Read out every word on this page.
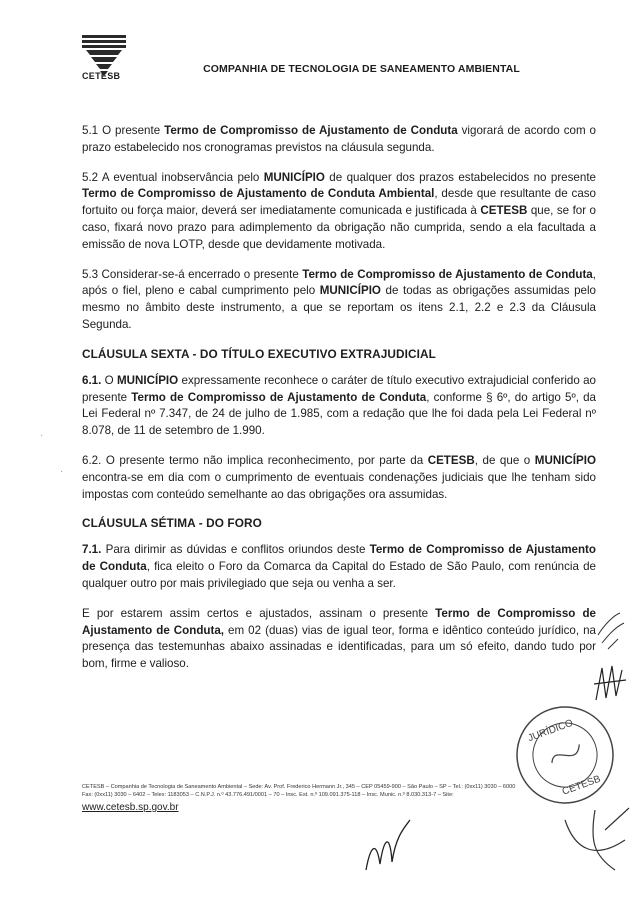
CETESB
COMPANHIA DE TECNOLOGIA DE SANEAMENTO AMBIENTAL

5.1 O presente Termo de Compromisso de Ajustamento de Conduta vigorará de acordo com o prazo estabelecido nos cronogramas previstos na cláusula segunda.

5.2 A eventual inobservância pelo MUNICÍPIO de qualquer dos prazos estabelecidos no presente Termo de Compromisso de Ajustamento de Conduta Ambiental, desde que resultante de caso fortuito ou força maior, deverá ser imediatamente comunicada e justificada à CETESB que, se for o caso, fixará novo prazo para adimplemento da obrigação não cumprida, sendo a ela facultada a emissão de nova LOTP, desde que devidamente motivada.

5.3 Considerar-se-á encerrado o presente Termo de Compromisso de Ajustamento de Conduta, após o fiel, pleno e cabal cumprimento pelo MUNICÍPIO de todas as obrigações assumidas pelo mesmo no âmbito deste instrumento, a que se reportam os itens 2.1, 2.2 e 2.3 da Cláusula Segunda.

CLÁUSULA SEXTA - DO TÍTULO EXECUTIVO EXTRAJUDICIAL

6.1. O MUNICÍPIO expressamente reconhece o caráter de título executivo extrajudicial conferido ao presente Termo de Compromisso de Ajustamento de Conduta, conforme § 6º, do artigo 5º, da Lei Federal nº 7.347, de 24 de julho de 1.985, com a redação que lhe foi dada pela Lei Federal nº 8.078, de 11 de setembro de 1.990.

6.2. O presente termo não implica reconhecimento, por parte da CETESB, de que o MUNICÍPIO encontra-se em dia com o cumprimento de eventuais condenações judiciais que lhe tenham sido impostas com conteúdo semelhante ao das obrigações ora assumidas.

CLÁUSULA SÉTIMA - DO FORO

7.1. Para dirimir as dúvidas e conflitos oriundos deste Termo de Compromisso de Ajustamento de Conduta, fica eleito o Foro da Comarca da Capital do Estado de São Paulo, com renúncia de qualquer outro por mais privilegiado que seja ou venha a ser.

E por estarem assim certos e ajustados, assinam o presente Termo de Compromisso de Ajustamento de Conduta, em 02 (duas) vias de igual teor, forma e idêntico conteúdo jurídico, na presença das testemunhas abaixo assinadas e identificadas, para um só efeito, dando tudo por bom, firme e valioso.

CETESB – Companhia de Tecnologia de Saneamento Ambiental – Sede: Av. Prof. Frederico Hermann Jr., 345 – CEP 05459-900 – São Paulo – SP – Tel.: (0xx11) 3030 – 6000
Fax: (0xx11) 3030 – 6402 – Telex: 1183053 – C.N.P.J. n.º 43.776.491/0001 – 70 – Insc. Est. n.º 109.091.375-118 – Insc. Munic. n.º 8.030.313-7 – Site:
www.cetesb.sp.gov.br
·
·
JURÍDICO
CETESB
